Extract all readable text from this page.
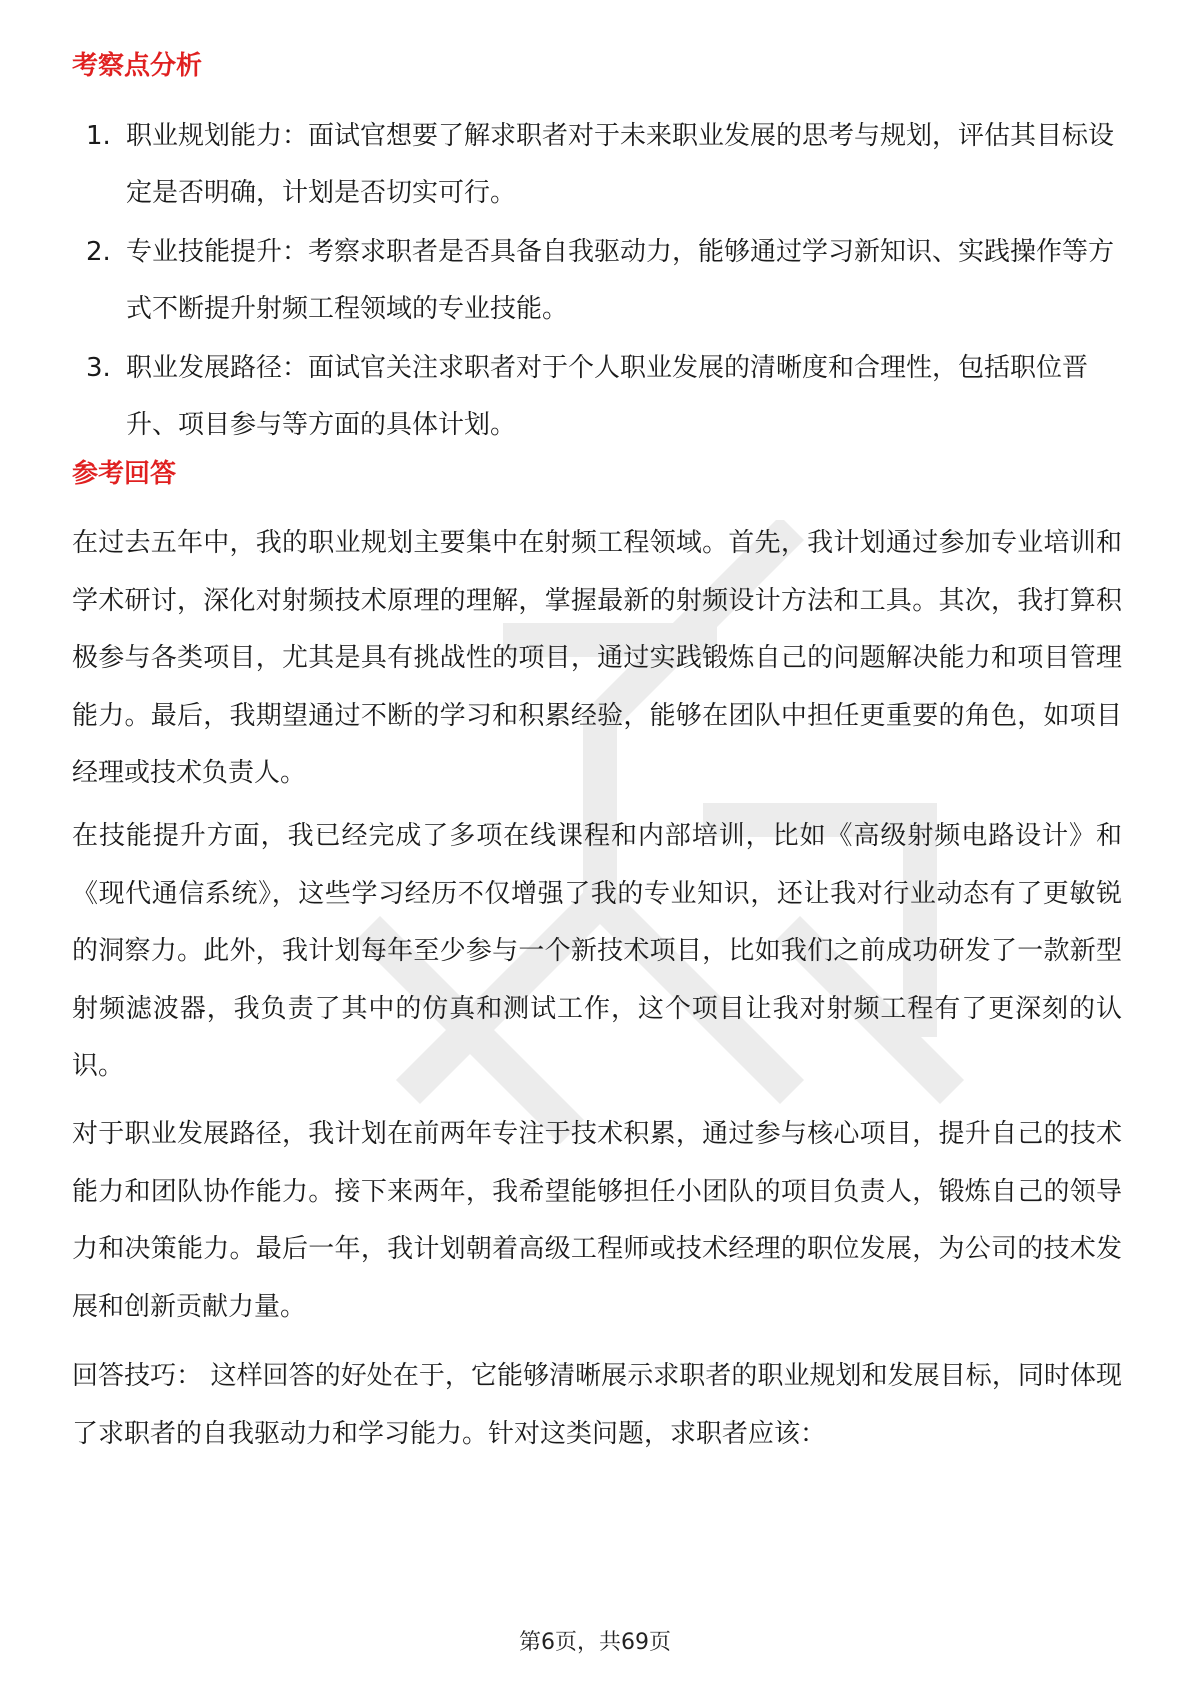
考察点分析
1. 职业规划能力：面试官想要了解求职者对于未来职业发展的思考与规划，评估其目标设定是否明确，计划是否切实可行。
2. 专业技能提升：考察求职者是否具备自我驱动力，能够通过学习新知识、实践操作等方式不断提升射频工程领域的专业技能。
3. 职业发展路径：面试官关注求职者对于个人职业发展的清晰度和合理性，包括职位晋升、项目参与等方面的具体计划。
参考回答

在过去五年中，我的职业规划主要集中在射频工程领域。首先，我计划通过参加专业培训和学术研讨，深化对射频技术原理的理解，掌握最新的射频设计方法和工具。其次，我打算积极参与各类项目，尤其是具有挑战性的项目，通过实践锻炼自己的问题解决能力和项目管理能力。最后，我期望通过不断的学习和积累经验，能够在团队中担任更重要的角色，如项目经理或技术负责人。

在技能提升方面，我已经完成了多项在线课程和内部培训，比如《高级射频电路设计》和《现代通信系统》，这些学习经历不仅增强了我的专业知识，还让我对行业动态有了更敏锐的洞察力。此外，我计划每年至少参与一个新技术项目，比如我们之前成功研发了一款新型射频滤波器，我负责了其中的仿真和测试工作，这个项目让我对射频工程有了更深刻的认识。

对于职业发展路径，我计划在前两年专注于技术积累，通过参与核心项目，提升自己的技术能力和团队协作能力。接下来两年，我希望能够担任小团队的项目负责人，锻炼自己的领导力和决策能力。最后一年，我计划朝着高级工程师或技术经理的职位发展，为公司的技术发展和创新贡献力量。

回答技巧： 这样回答的好处在于，它能够清晰展示求职者的职业规划和发展目标，同时体现了求职者的自我驱动力和学习能力。针对这类问题，求职者应该：

第6页，共69页
